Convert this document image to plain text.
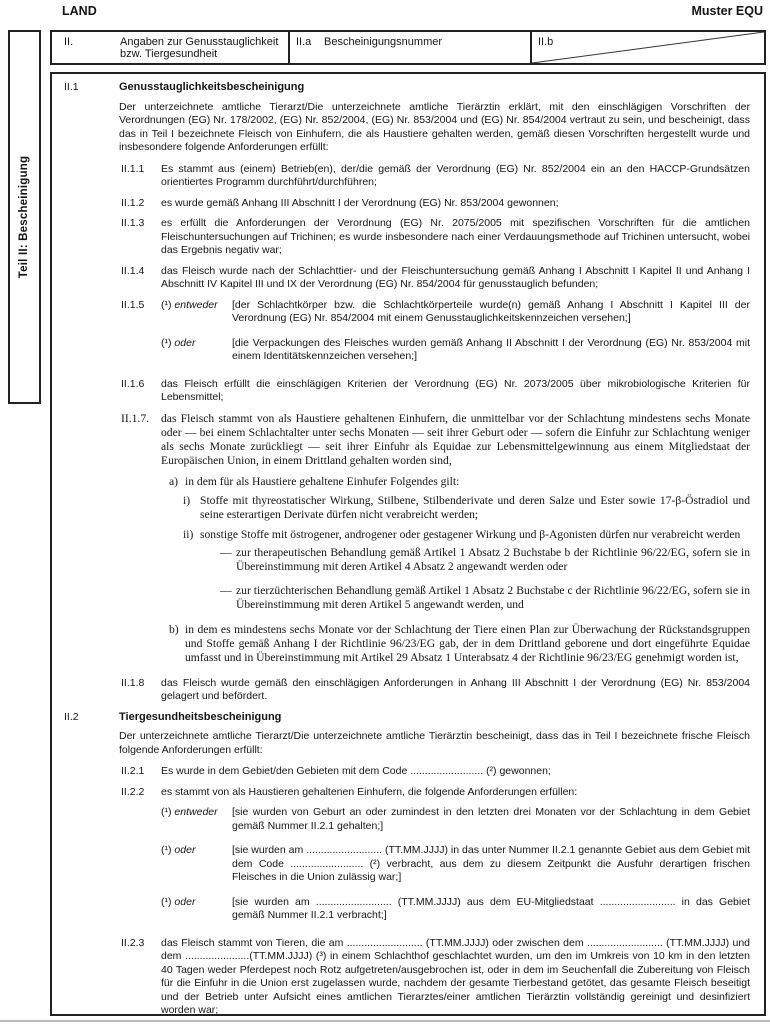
LAND	Muster EQU
Teil II: Bescheinigung
II.	Angaben zur Genusstauglichkeit bzw. Tiergesundheit
II.a	Bescheinigungsnummer	II.b
II.1	Genusstauglichkeitsbescheinigung
Der unterzeichnete amtliche Tierarzt/Die unterzeichnete amtliche Tierärztin erklärt, mit den einschlägigen Vorschriften der Verordnungen (EG) Nr. 178/2002, (EG) Nr. 852/2004, (EG) Nr. 853/2004 und (EG) Nr. 854/2004 vertraut zu sein, und bescheinigt, dass das in Teil I bezeichnete Fleisch von Einhufern, die als Haustiere gehalten werden, gemäß diesen Vorschriften hergestellt wurde und insbesondere folgende Anforderungen erfüllt:
II.1.1	Es stammt aus (einem) Betrieb(en), der/die gemäß der Verordnung (EG) Nr. 852/2004 ein an den HACCP-Grundsätzen orientiertes Programm durchführt/durchführen;
II.1.2	es wurde gemäß Anhang III Abschnitt I der Verordnung (EG) Nr. 853/2004 gewonnen;
II.1.3	es erfüllt die Anforderungen der Verordnung (EG) Nr. 2075/2005 mit spezifischen Vorschriften für die amtlichen Fleischuntersuchungen auf Trichinen; es wurde insbesondere nach einer Verdauungsmethode auf Trichinen untersucht, wobei das Ergebnis negativ war;
II.1.4	das Fleisch wurde nach der Schlachttier- und der Fleischuntersuchung gemäß Anhang I Abschnitt I Kapitel II und Anhang I Abschnitt IV Kapitel III und IX der Verordnung (EG) Nr. 854/2004 für genusstauglich befunden;
II.1.5	(¹) entweder	[der Schlachtkörper bzw. die Schlachtkörperteile wurde(n) gemäß Anhang I Abschnitt I Kapitel III der Verordnung (EG) Nr. 854/2004 mit einem Genusstauglichkeitskennzeichen versehen;]
(¹) oder	[die Verpackungen des Fleisches wurden gemäß Anhang II Abschnitt I der Verordnung (EG) Nr. 853/2004 mit einem Identitätskennzeichen versehen;]
II.1.6	das Fleisch erfüllt die einschlägigen Kriterien der Verordnung (EG) Nr. 2073/2005 über mikrobiologische Kriterien für Lebensmittel;
II.1.7.	das Fleisch stammt von als Haustiere gehaltenen Einhufern, die unmittelbar vor der Schlachtung mindestens sechs Monate oder — bei einem Schlachtalter unter sechs Monaten — seit ihrer Geburt oder — sofern die Einfuhr zur Schlachtung weniger als sechs Monate zurückliegt — seit ihrer Einfuhr als Equidae zur Lebensmittelgewinnung aus einem Mitgliedstaat der Europäischen Union, in einem Drittland gehalten worden sind,
a) in dem für als Haustiere gehaltene Einhufer Folgendes gilt:
i) Stoffe mit thyreostatischer Wirkung, Stilbene, Stilbenderivate und deren Salze und Ester sowie 17-β-Östradiol und seine esterartigen Derivate dürfen nicht verabreicht werden;
ii) sonstige Stoffe mit östrogener, androgener oder gestagener Wirkung und β-Agonisten dürfen nur verabreicht werden
— zur therapeutischen Behandlung gemäß Artikel 1 Absatz 2 Buchstabe b der Richtlinie 96/22/EG, sofern sie in Übereinstimmung mit deren Artikel 4 Absatz 2 angewandt werden oder
— zur tierzüchterischen Behandlung gemäß Artikel 1 Absatz 2 Buchstabe c der Richtlinie 96/22/EG, sofern sie in Übereinstimmung mit deren Artikel 5 angewandt werden, und
b) in dem es mindestens sechs Monate vor der Schlachtung der Tiere einen Plan zur Überwachung der Rückstandsgruppen und Stoffe gemäß Anhang I der Richtlinie 96/23/EG gab, der in dem Drittland geborene und dort eingeführte Equidae umfasst und in Übereinstimmung mit Artikel 29 Absatz 1 Unterabsatz 4 der Richtlinie 96/23/EG genehmigt worden ist,
II.1.8	das Fleisch wurde gemäß den einschlägigen Anforderungen in Anhang III Abschnitt I der Verordnung (EG) Nr. 853/2004 gelagert und befördert.
II.2	Tiergesundheitsbescheinigung
Der unterzeichnete amtliche Tierarzt/Die unterzeichnete amtliche Tierärztin bescheinigt, dass das in Teil I bezeichnete frische Fleisch folgende Anforderungen erfüllt:
II.2.1	Es wurde in dem Gebiet/den Gebieten mit dem Code ......................... (²) gewonnen;
II.2.2	es stammt von als Haustieren gehaltenen Einhufern, die folgende Anforderungen erfüllen:
(¹) entweder	[sie wurden von Geburt an oder zumindest in den letzten drei Monaten vor der Schlachtung in dem Gebiet gemäß Nummer II.2.1 gehalten;]
(¹) oder	[sie wurden am .......................... (TT.MM.JJJJ) in das unter Nummer II.2.1 genannte Gebiet aus dem Gebiet mit dem Code ......................... (²) verbracht, aus dem zu diesem Zeitpunkt die Ausfuhr derartigen frischen Fleisches in die Union zulässig war;]
(¹) oder	[sie wurden am .......................... (TT.MM.JJJJ) aus dem EU-Mitgliedstaat .......................... in das Gebiet gemäß Nummer II.2.1 verbracht;]
II.2.3	das Fleisch stammt von Tieren, die am .......................... (TT.MM.JJJJ) oder zwischen dem .......................... (TT.MM.JJJJ) und dem ......................(TT.MM.JJJJ) (³) in einem Schlachthof geschlachtet wurden, um den im Umkreis von 10 km in den letzten 40 Tagen weder Pferdepest noch Rotz aufgetreten/ausgebrochen ist, oder in dem im Seuchenfall die Zubereitung von Fleisch für die Einfuhr in die Union erst zugelassen wurde, nachdem der gesamte Tierbestand getötet, das gesamte Fleisch beseitigt und der Betrieb unter Aufsicht eines amtlichen Tierarztes/einer amtlichen Tierärztin vollständig gereinigt und desinfiziert worden war;
